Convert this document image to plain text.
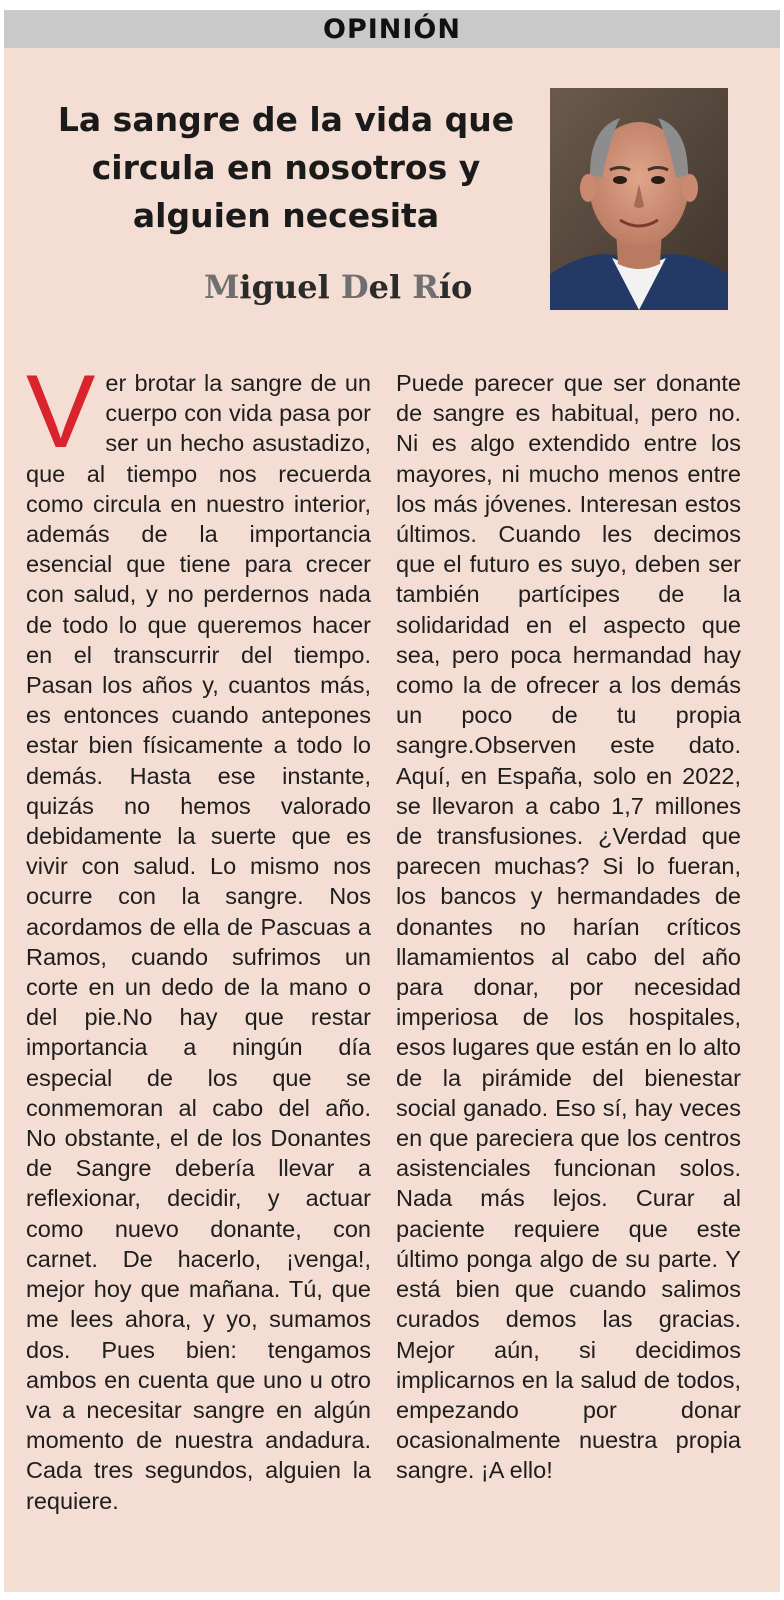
OPINIÓN
La sangre de la vida que circula en nosotros y alguien necesita
Miguel Del Río

Ver brotar la sangre de un cuerpo con vida pasa por ser un hecho asustadizo, que al tiempo nos recuerda como circula en nuestro interior, además de la importancia esencial que tiene para crecer con salud, y no perdernos nada de todo lo que queremos hacer en el transcurrir del tiempo. Pasan los años y, cuantos más, es entonces cuando antepones estar bien físicamente a todo lo demás. Hasta ese instante, quizás no hemos valorado debidamente la suerte que es vivir con salud. Lo mismo nos ocurre con la sangre. Nos acordamos de ella de Pascuas a Ramos, cuando sufrimos un corte en un dedo de la mano o del pie.No hay que restar importancia a ningún día especial de los que se conmemoran al cabo del año. No obstante, el de los Donantes de Sangre debería llevar a reflexionar, decidir, y actuar como nuevo donante, con carnet. De hacerlo, ¡venga!, mejor hoy que mañana. Tú, que me lees ahora, y yo, sumamos dos. Pues bien: tengamos ambos en cuenta que uno u otro va a necesitar sangre en algún momento de nuestra andadura. Cada tres segundos, alguien la requiere.

Puede parecer que ser donante de sangre es habitual, pero no. Ni es algo extendido entre los mayores, ni mucho menos entre los más jóvenes. Interesan estos últimos. Cuando les decimos que el futuro es suyo, deben ser también partícipes de la solidaridad en el aspecto que sea, pero poca hermandad hay como la de ofrecer a los demás un poco de tu propia sangre.Observen este dato. Aquí, en España, solo en 2022, se llevaron a cabo 1,7 millones de transfusiones. ¿Verdad que parecen muchas? Si lo fueran, los bancos y hermandades de donantes no harían críticos llamamientos al cabo del año para donar, por necesidad imperiosa de los hospitales, esos lugares que están en lo alto de la pirámide del bienestar social ganado. Eso sí, hay veces en que pareciera que los centros asistenciales funcionan solos. Nada más lejos. Curar al paciente requiere que este último ponga algo de su parte. Y está bien que cuando salimos curados demos las gracias. Mejor aún, si decidimos implicarnos en la salud de todos, empezando por donar ocasionalmente nuestra propia sangre. ¡A ello!
